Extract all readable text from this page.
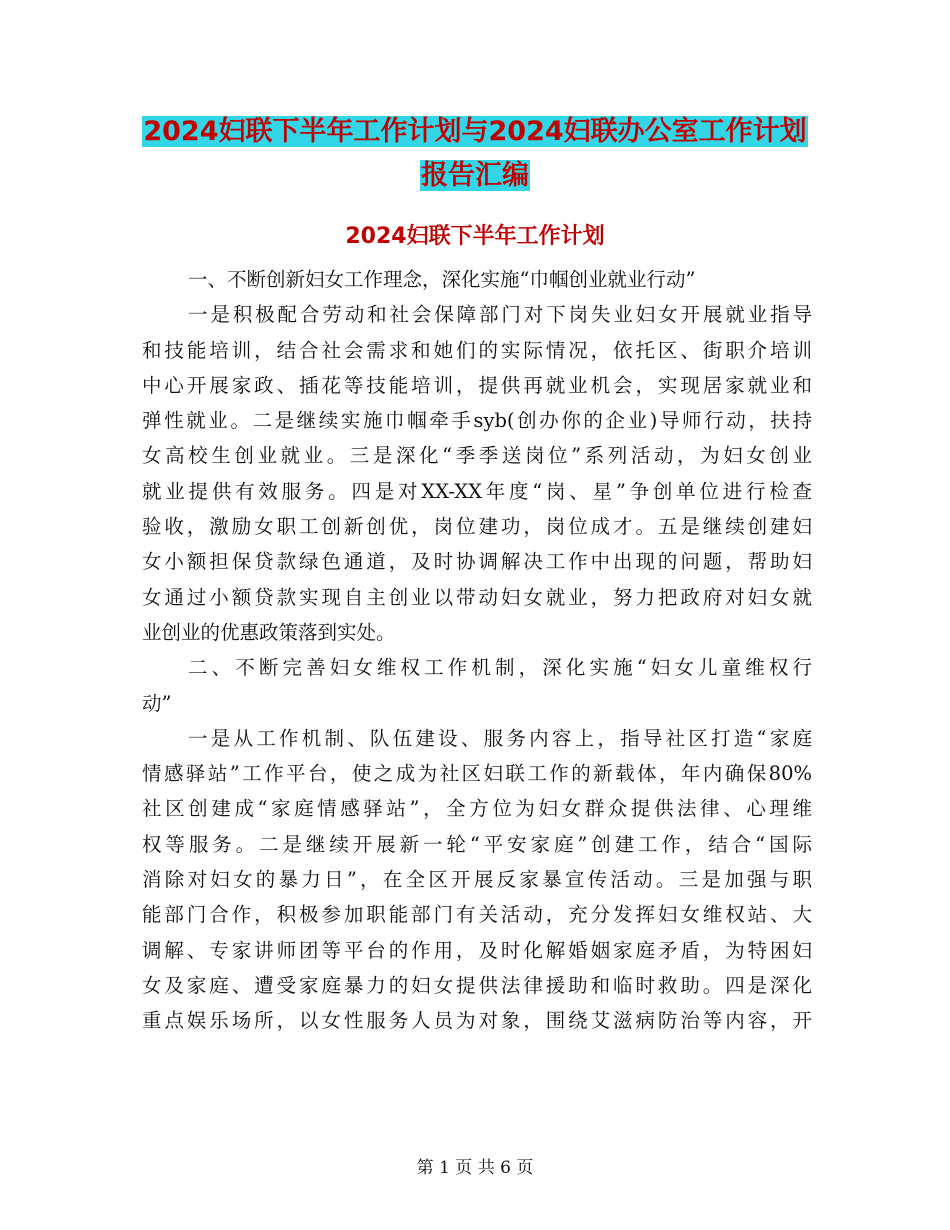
2024妇联下半年工作计划与2024妇联办公室工作计划
报告汇编
2024妇联下半年工作计划
一、不断创新妇女工作理念，深化实施“巾帼创业就业行动”
一是积极配合劳动和社会保障部门对下岗失业妇女开展就业指导
和技能培训，结合社会需求和她们的实际情况，依托区、街职介培训
中心开展家政、插花等技能培训，提供再就业机会，实现居家就业和
弹性就业。二是继续实施巾帼牵手syb(创办你的企业)导师行动，扶持
女高校生创业就业。三是深化“季季送岗位”系列活动，为妇女创业
就业提供有效服务。四是对XX-XX年度“岗、星”争创单位进行检查
验收，激励女职工创新创优，岗位建功，岗位成才。五是继续创建妇
女小额担保贷款绿色通道，及时协调解决工作中出现的问题，帮助妇
女通过小额贷款实现自主创业以带动妇女就业，努力把政府对妇女就
业创业的优惠政策落到实处。
二、不断完善妇女维权工作机制，深化实施“妇女儿童维权行
动”
一是从工作机制、队伍建设、服务内容上，指导社区打造“家庭
情感驿站”工作平台，使之成为社区妇联工作的新载体，年内确保80%
社区创建成“家庭情感驿站”，全方位为妇女群众提供法律、心理维
权等服务。二是继续开展新一轮“平安家庭”创建工作，结合“国际
消除对妇女的暴力日”，在全区开展反家暴宣传活动。三是加强与职
能部门合作，积极参加职能部门有关活动，充分发挥妇女维权站、大
调解、专家讲师团等平台的作用，及时化解婚姻家庭矛盾，为特困妇
女及家庭、遭受家庭暴力的妇女提供法律援助和临时救助。四是深化
重点娱乐场所，以女性服务人员为对象，围绕艾滋病防治等内容，开
第 1 页 共 6 页
